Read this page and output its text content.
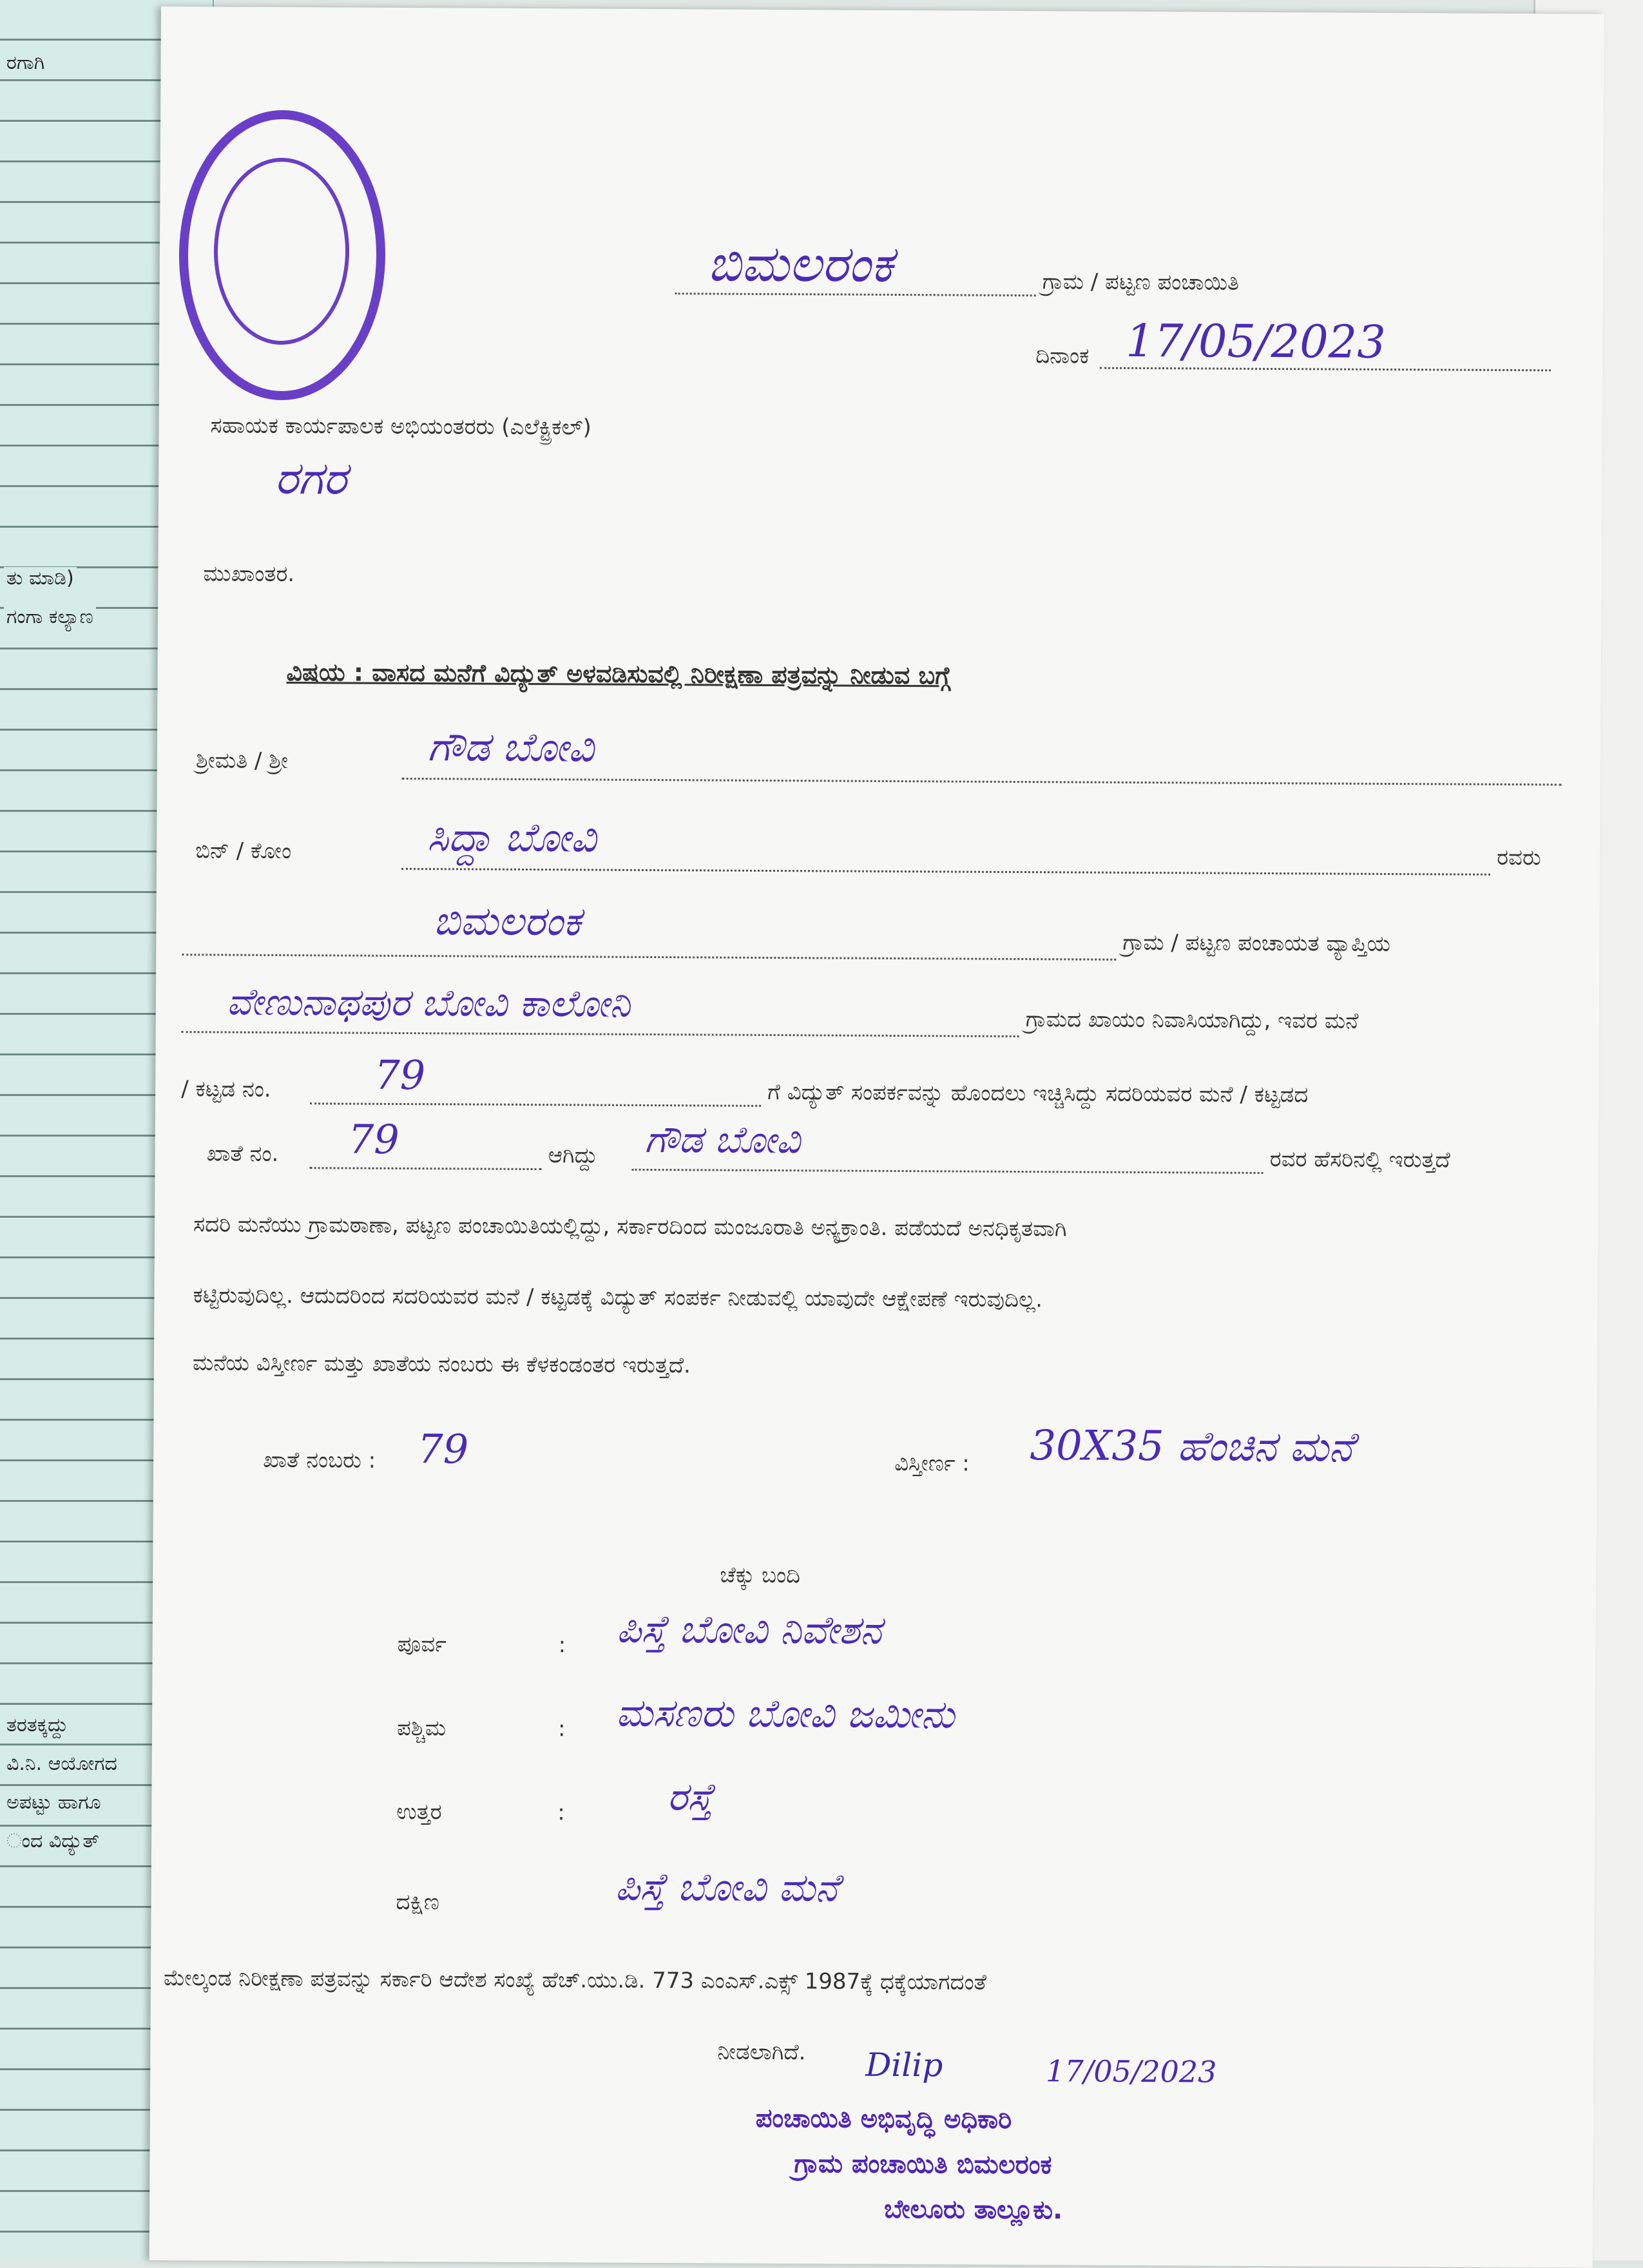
ರಗಾಗಿ
ತು ಮಾಡಿ)
ಗಂಗಾ ಕಲ್ಯಾಣ
ತರತಕ್ಕದ್ದು
ವಿ.ನಿ. ಆಯೋಗದ
ಅಪಟ್ಟು ಹಾಗೂ
ಂದ ವಿದ್ಯುತ್
ಬಿಮಲರಂಕ	ಗ್ರಾಮ / ಪಟ್ಟಣ ಪಂಚಾಯಿತಿ
ದಿನಾಂಕ 17/05/2023
ಸಹಾಯಕ ಕಾರ್ಯಪಾಲಕ ಅಭಿಯಂತರರು (ಎಲೆಕ್ಟ್ರಿಕಲ್)
ರಗರ
ಮುಖಾಂತರ.
ವಿಷಯ : ವಾಸದ ಮನೆಗೆ ವಿದ್ಯುತ್ ಅಳವಡಿಸುವಲ್ಲಿ ನಿರೀಕ್ಷಣಾ ಪತ್ರವನ್ನು ನೀಡುವ ಬಗ್ಗೆ
ಶ್ರೀಮತಿ / ಶ್ರೀ	ಗೌಡ ಬೋವಿ
ಬಿನ್ / ಕೋಂ	ಸಿದ್ದಾ ಬೋವಿ	ರವರು
ಬಿಮಲರಂಕ	ಗ್ರಾಮ / ಪಟ್ಟಣ ಪಂಚಾಯತ ವ್ಯಾಪ್ತಿಯ
ವೇಣುನಾಥಪುರ ಬೋವಿ ಕಾಲೋನಿ	ಗ್ರಾಮದ ಖಾಯಂ ನಿವಾಸಿಯಾಗಿದ್ದು, ಇವರ ಮನೆ
/ ಕಟ್ಟಡ ನಂ.	79	ಗೆ ವಿದ್ಯುತ್ ಸಂಪರ್ಕವನ್ನು ಹೊಂದಲು ಇಚ್ಚಿಸಿದ್ದು ಸದರಿಯವರ ಮನೆ / ಕಟ್ಟಡದ
ಖಾತೆ ನಂ. 79	ಆಗಿದ್ದು ಗೌಡ ಬೋವಿ	ರವರ ಹೆಸರಿನಲ್ಲಿ ಇರುತ್ತದೆ
ಸದರಿ ಮನೆಯು ಗ್ರಾಮಠಾಣಾ, ಪಟ್ಟಣ ಪಂಚಾಯಿತಿಯಲ್ಲಿದ್ದು, ಸರ್ಕಾರದಿಂದ ಮಂಜೂರಾತಿ ಅನ್ಯಕ್ರಾಂತಿ. ಪಡೆಯದೆ ಅನಧಿಕೃತವಾಗಿ
ಕಟ್ಟಿರುವುದಿಲ್ಲ. ಆದುದರಿಂದ ಸದರಿಯವರ ಮನೆ / ಕಟ್ಟಡಕ್ಕೆ ವಿದ್ಯುತ್ ಸಂಪರ್ಕ ನೀಡುವಲ್ಲಿ ಯಾವುದೇ ಆಕ್ಷೇಪಣೆ ಇರುವುದಿಲ್ಲ.
ಮನೆಯ ವಿಸ್ತೀರ್ಣ ಮತ್ತು ಖಾತೆಯ ನಂಬರು ಈ ಕೆಳಕಂಡಂತರ ಇರುತ್ತದೆ.
ಖಾತೆ ನಂಬರು : 79	ವಿಸ್ತೀರ್ಣ : 30X35 ಹೆಂಚಿನ ಮನೆ
ಚೆಕ್ಕು ಬಂದಿ
ಪೂರ್ವ	: ಪಿಸ್ತೆ ಬೋವಿ ನಿವೇಶನ
ಪಶ್ಚಿಮ	: ಮಸಣರು ಬೋವಿ ಜಮೀನು
ಉತ್ತರ	:	ರಸ್ತೆ
ದಕ್ಷಿಣ	ಪಿಸ್ತೆ ಬೋವಿ ಮನೆ
ಮೇಲ್ಕಂಡ ನಿರೀಕ್ಷಣಾ ಪತ್ರವನ್ನು ಸರ್ಕಾರಿ ಆದೇಶ ಸಂಖ್ಯೆ ಹೆಚ್.ಯು.ಡಿ. 773 ಎಂಎಸ್.ಎಕ್ಸ್ 1987ಕ್ಕೆ ಧಕ್ಕೆಯಾಗದಂತೆ
ನೀಡಲಾಗಿದೆ. Dilip	17/05/2023
ಪಂಚಾಯಿತಿ ಅಭಿವೃದ್ಧಿ ಅಧಿಕಾರಿ
ಗ್ರಾಮ ಪಂಚಾಯಿತಿ ಬಿಮಲರಂಕ
ಬೇಲೂರು ತಾಲ್ಲೂಕು.
